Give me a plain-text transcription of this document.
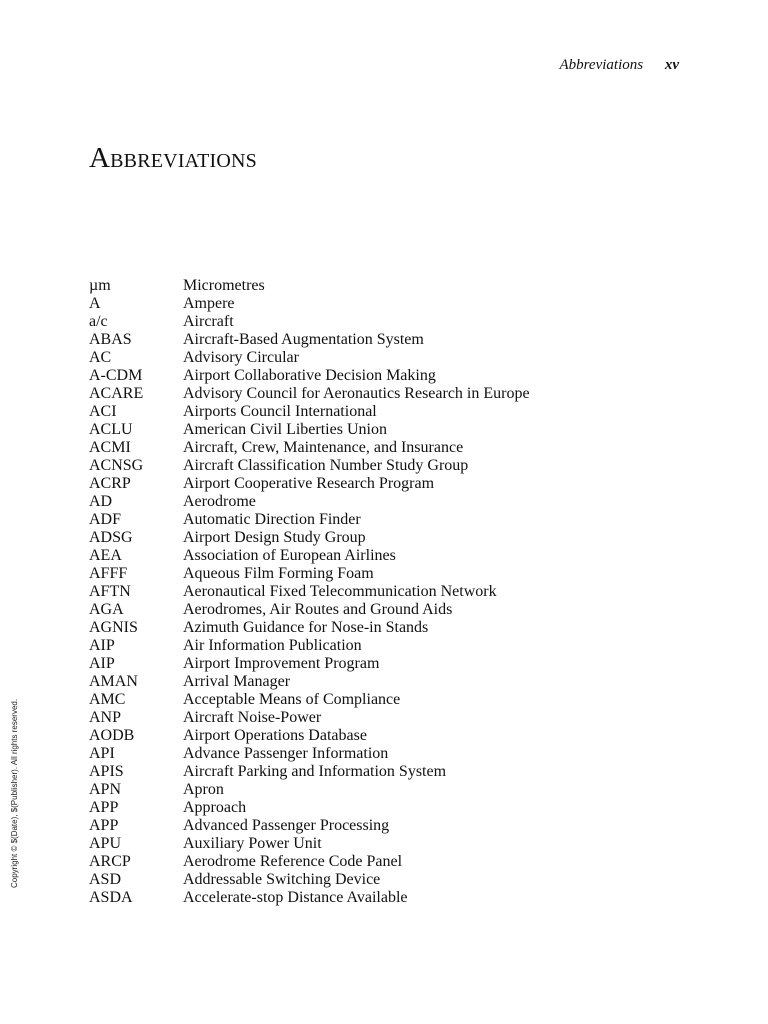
Abbreviations xv
Abbreviations
µm	Micrometres
A	Ampere
a/c	Aircraft
ABAS	Aircraft-Based Augmentation System
AC	Advisory Circular
A-CDM	Airport Collaborative Decision Making
ACARE	Advisory Council for Aeronautics Research in Europe
ACI	Airports Council International
ACLU	American Civil Liberties Union
ACMI	Aircraft, Crew, Maintenance, and Insurance
ACNSG	Aircraft Classification Number Study Group
ACRP	Airport Cooperative Research Program
AD	Aerodrome
ADF	Automatic Direction Finder
ADSG	Airport Design Study Group
AEA	Association of European Airlines
AFFF	Aqueous Film Forming Foam
AFTN	Aeronautical Fixed Telecommunication Network
AGA	Aerodromes, Air Routes and Ground Aids
AGNIS	Azimuth Guidance for Nose-in Stands
AIP	Air Information Publication
AIP	Airport Improvement Program
AMAN	Arrival Manager
AMC	Acceptable Means of Compliance
ANP	Aircraft Noise-Power
AODB	Airport Operations Database
API	Advance Passenger Information
APIS	Aircraft Parking and Information System
APN	Apron
APP	Approach
APP	Advanced Passenger Processing
APU	Auxiliary Power Unit
ARCP	Aerodrome Reference Code Panel
ASD	Addressable Switching Device
ASDA	Accelerate-stop Distance Available
Copyright © $(Date), $(Publisher). All rights reserved.
